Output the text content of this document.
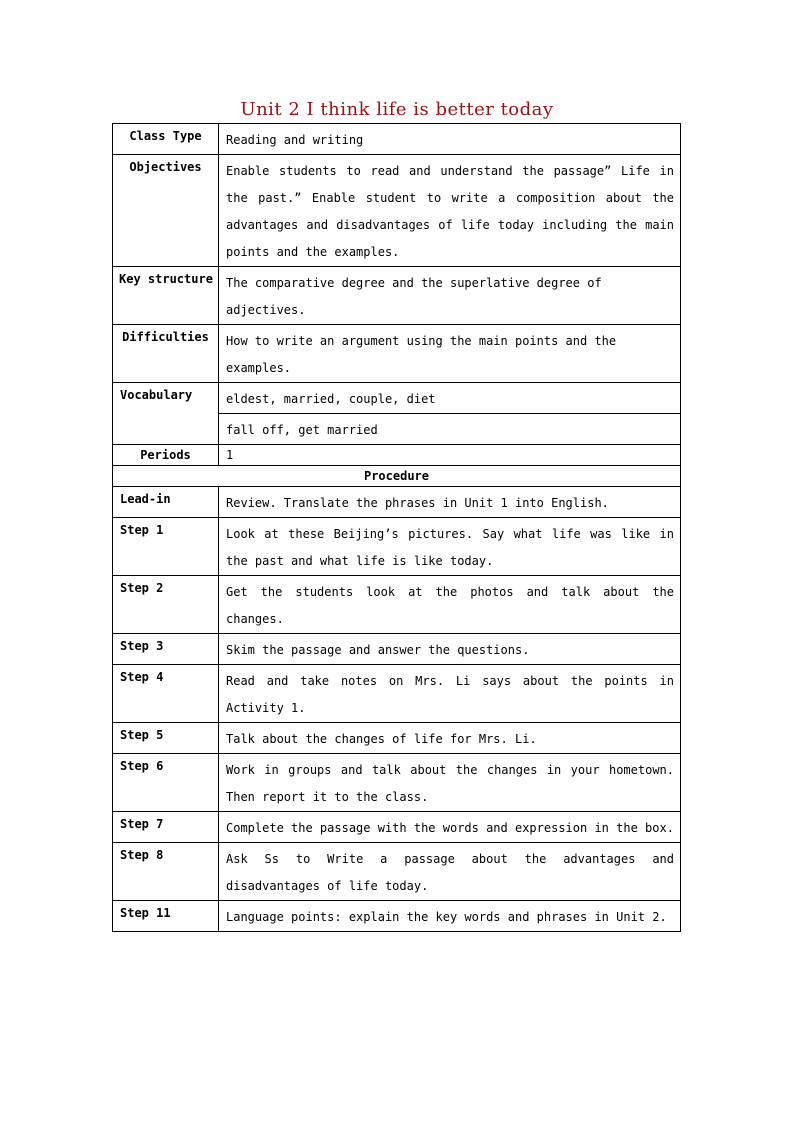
Unit 2 I think life is better today
Class Type	Reading and writing
Objectives	Enable students to read and understand the passage” Life in the past.” Enable student to write a composition about the advantages and disadvantages of life today including the main points and the examples.
Key structure	The comparative degree and the superlative degree of adjectives.
Difficulties	How to write an argument using the main points and the examples.
Vocabulary	eldest, married, couple, diet
	fall off, get married
Periods	1
Procedure	
Lead-in	Review. Translate the phrases in Unit 1 into English.
Step 1	Look at these Beijing’s pictures. Say what life was like in the past and what life is like today.
Step 2	Get the students look at the photos and talk about the changes.
Step 3	Skim the passage and answer the questions.
Step 4	Read and take notes on Mrs. Li says about the points in Activity 1.
Step 5	Talk about the changes of life for Mrs. Li.
Step 6	Work in groups and talk about the changes in your hometown. Then report it to the class.
Step 7	Complete the passage with the words and expression in the box.
Step 8	Ask Ss to Write a passage about the advantages and disadvantages of life today.
Step 11	Language points: explain the key words and phrases in Unit 2.
